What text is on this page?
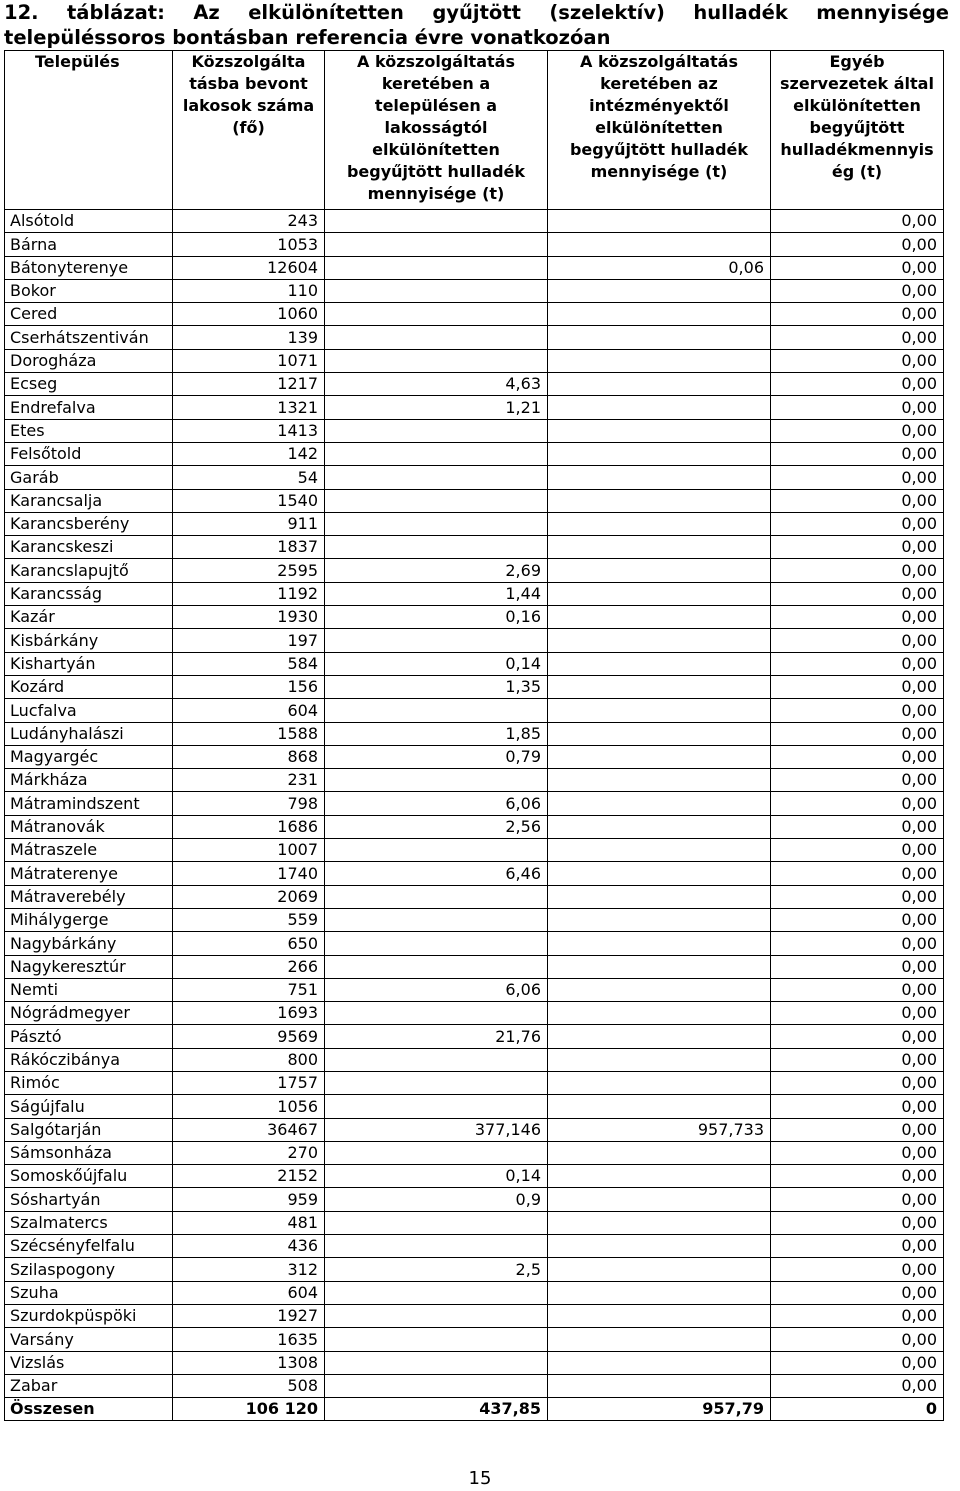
12. táblázat: Az elkülönítetten gyűjtött (szelektív) hulladék mennyisége
településsoros bontásban referencia évre vonatkozóan
Település	Közszolgálta tásba bevont lakosok száma (fő)	A közszolgáltatás keretében a településen a lakosságtól elkülönítetten begyűjtött hulladék mennyisége (t)	A közszolgáltatás keretében az intézményektől elkülönítetten begyűjtött hulladék mennyisége (t)	Egyéb szervezetek által elkülönítetten begyűjtött hulladékmennyis ég (t)
Alsótold	243			0,00
Bárna	1053			0,00
Bátonyterenye	12604		0,06	0,00
Bokor	110			0,00
Cered	1060			0,00
Cserhátszentiván	139			0,00
Dorogháza	1071			0,00
Ecseg	1217	4,63		0,00
Endrefalva	1321	1,21		0,00
Etes	1413			0,00
Felsőtold	142			0,00
Garáb	54			0,00
Karancsalja	1540			0,00
Karancsberény	911			0,00
Karancskeszi	1837			0,00
Karancslapujtő	2595	2,69		0,00
Karancsság	1192	1,44		0,00
Kazár	1930	0,16		0,00
Kisbárkány	197			0,00
Kishartyán	584	0,14		0,00
Kozárd	156	1,35		0,00
Lucfalva	604			0,00
Ludányhalászi	1588	1,85		0,00
Magyargéc	868	0,79		0,00
Márkháza	231			0,00
Mátramindszent	798	6,06		0,00
Mátranovák	1686	2,56		0,00
Mátraszele	1007			0,00
Mátraterenye	1740	6,46		0,00
Mátraverebély	2069			0,00
Mihálygerge	559			0,00
Nagybárkány	650			0,00
Nagykeresztúr	266			0,00
Nemti	751	6,06		0,00
Nógrádmegyer	1693			0,00
Pásztó	9569	21,76		0,00
Rákóczibánya	800			0,00
Rimóc	1757			0,00
Ságújfalu	1056			0,00
Salgótarján	36467	377,146	957,733	0,00
Sámsonháza	270			0,00
Somoskőújfalu	2152	0,14		0,00
Sóshartyán	959	0,9		0,00
Szalmatercs	481			0,00
Szécsényfelfalu	436			0,00
Szilaspogony	312	2,5		0,00
Szuha	604			0,00
Szurdokpüspöki	1927			0,00
Varsány	1635			0,00
Vizslás	1308			0,00
Zabar	508			0,00
Összesen	106 120	437,85	957,79	0
15
